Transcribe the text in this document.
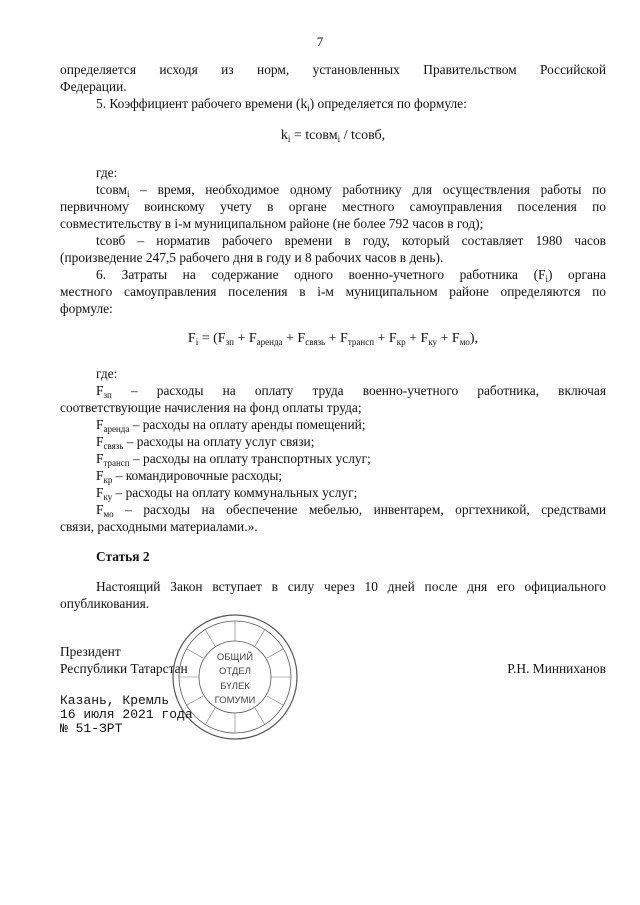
7
определяется исходя из норм, установленных Правительством Российской
Федерации.
5. Коэффициент рабочего времени $(k_i)$ определяется по формуле:
$k_i$ = tсовм$_i$ / tсовб,
где:
tсовм$_i$ – время, необходимое одному работнику для осуществления работы по
первичному воинскому учету в органе местного самоуправления поселения по
совместительству в i-м муниципальном районе (не более 792 часов в год);
tсовб – норматив рабочего времени в году, который составляет 1980 часов
(произведение 247,5 рабочего дня в году и 8 рабочих часов в день).
6. Затраты на содержание одного военно-учетного работника $(F_i)$ органа
местного самоуправления поселения в i-м муниципальном районе определяются по
формуле:
$F_i = (F_{зп} + F_{аренда} + F_{связь} + F_{трансп} + F_{кр} + F_{ку} + F_{мо})$,
где:
$F_{зп}$ – расходы на оплату труда военно-учетного работника, включая
соответствующие начисления на фонд оплаты труда;
$F_{аренда}$ – расходы на оплату аренды помещений;
$F_{связь}$ – расходы на оплату услуг связи;
$F_{трансп}$ – расходы на оплату транспортных услуг;
$F_{кр}$ – командировочные расходы;
$F_{ку}$ – расходы на оплату коммунальных услуг;
$F_{мо}$ – расходы на обеспечение мебелью, инвентарем, оргтехникой, средствами
связи, расходными материалами.».
Статья 2
Настоящий Закон вступает в силу через 10 дней после дня его официального
опубликования.
Президент
Республики Татарстан	Р.Н. Минниханов
ОБЩИЙ
ОТДЕЛ
БҮЛЕК
ГОМУМИ
Казань, Кремль
16 июля 2021 года
№ 51-ЗРТ
